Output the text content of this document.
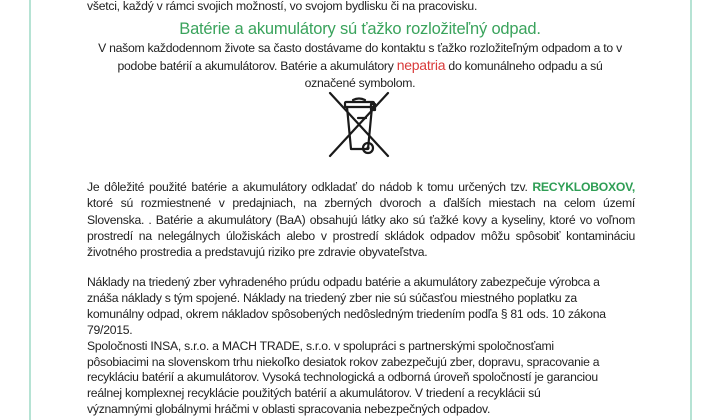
všetci, každý v rámci svojich možností, vo svojom bydlisku či na pracovisku.
Batérie a akumulátory sú ťažko rozložiteľný odpad.
V našom každodennom živote sa často dostávame do kontaktu s ťažko rozložiteľným odpadom a to v
podobe batérií a akumulátorov. Batérie a akumulátory nepatria do komunálneho odpadu a sú
označené symbolom.
Je dôležité použité batérie a akumulátory odkladať do nádob k tomu určených tzv. RECYKLOBOXOV,
ktoré sú rozmiestnené v predajniach, na zberných dvoroch a ďalších miestach na celom území
Slovenska. . Batérie a akumulátory (BaA) obsahujú látky ako sú ťažké kovy a kyseliny, ktoré vo voľnom
prostredí na nelegálnych úložiskách alebo v prostredí skládok odpadov môžu spôsobiť kontamináciu
životného prostredia a predstavujú riziko pre zdravie obyvateľstva.
Náklady na triedený zber vyhradeného prúdu odpadu batérie a akumulátory zabezpečuje výrobca a
znáša náklady s tým spojené. Náklady na triedený zber nie sú súčasťou miestného poplatku za
komunálny odpad, okrem nákladov spôsobených nedôsledným triedením podľa § 81 ods. 10 zákona
79/2015.
Spoločnosti INSA, s.r.o. a MACH TRADE, s.r.o. v spolupráci s partnerskými spoločnosťami
pôsobiacimi na slovenskom trhu niekoľko desiatok rokov zabezpečujú zber, dopravu, spracovanie a
recykláciu batérií a akumulátorov. Vysoká technologická a odborná úroveň spoločností je garanciou
reálnej komplexnej recyklácie použitých batérií a akumulátorov. V triedení a recyklácii sú
významnými globálnymi hráčmi v oblasti spracovania nebezpečných odpadov.
